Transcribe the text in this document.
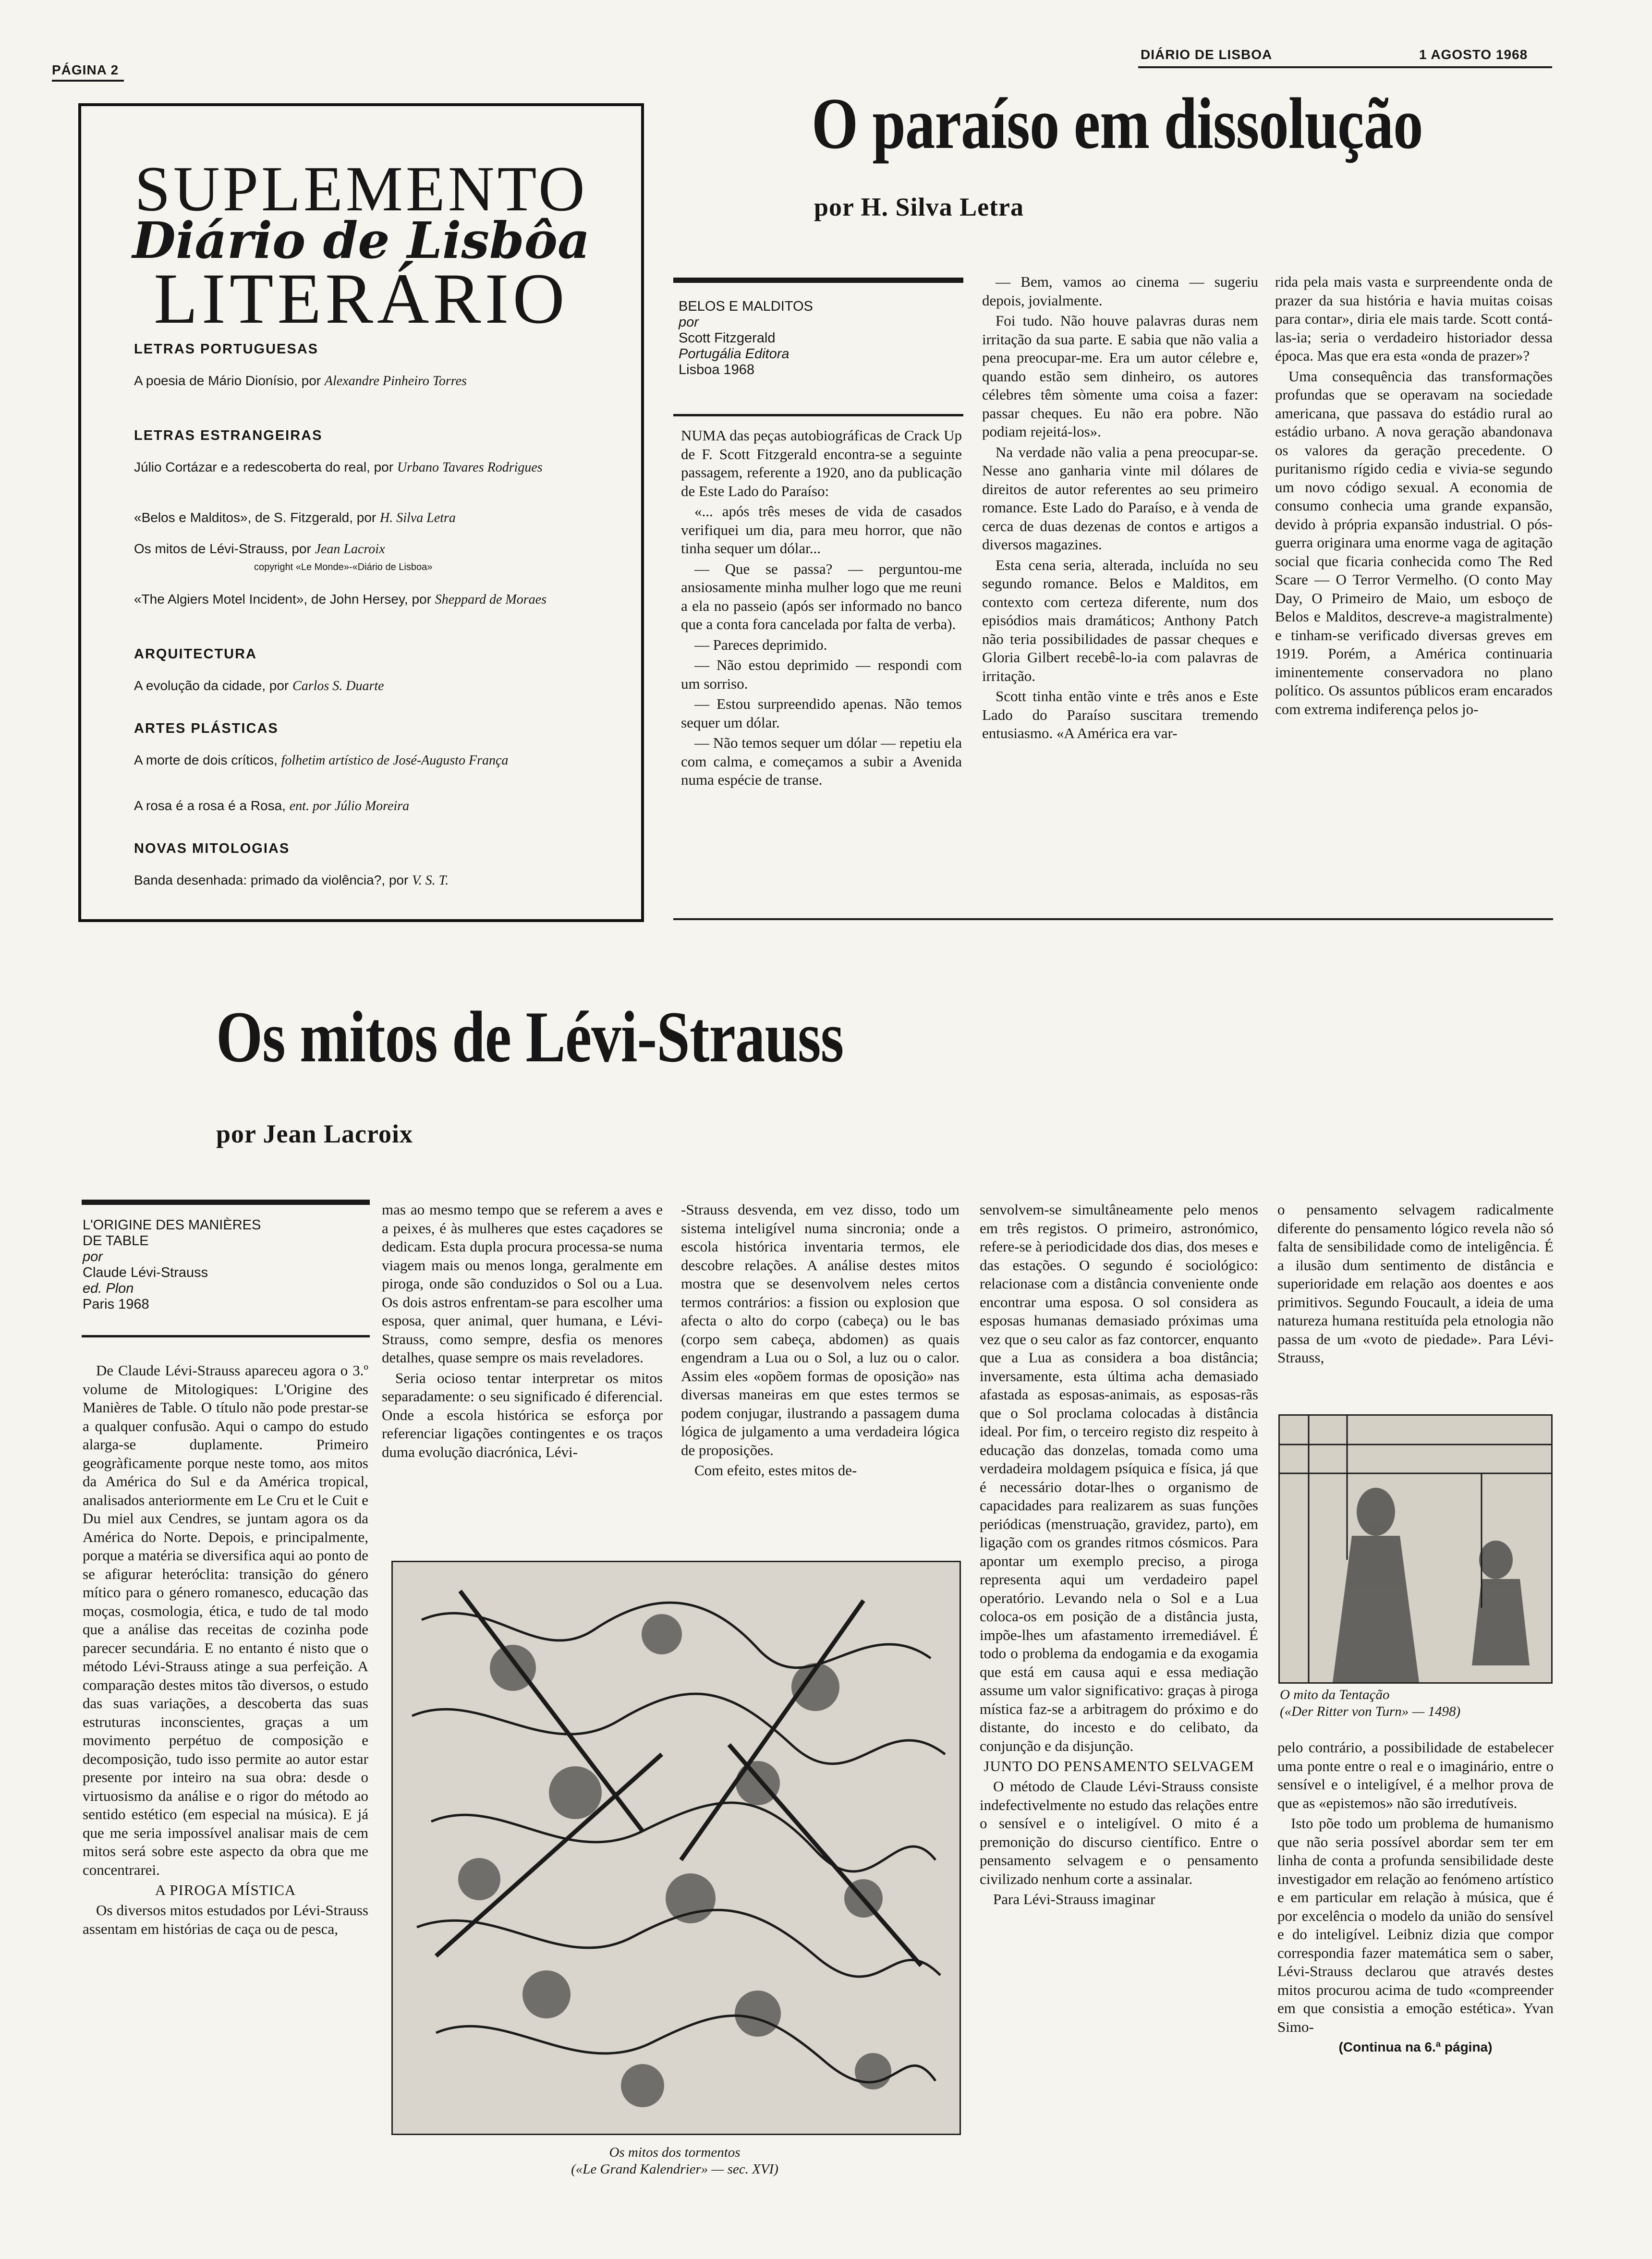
PÁGINA 2
DIÁRIO DE LISBOA	1 AGOSTO 1968
SUPLEMENTO
Diário de Lisbôa
LITERÁRIO
LETRAS PORTUGUESAS
A poesia de Mário Dionísio, por Alexandre Pinheiro Torres
LETRAS ESTRANGEIRAS
Júlio Cortázar e a redescoberta do real, por Urbano Tavares Rodrigues
«Belos e Malditos», de S. Fitzgerald, por H. Silva Letra
Os mitos de Lévi-Strauss, por Jean Lacroix
copyright «Le Monde»-«Diário de Lisboa»
«The Algiers Motel Incident», de John Hersey, por Sheppard de Moraes
ARQUITECTURA
A evolução da cidade, por Carlos S. Duarte
ARTES PLÁSTICAS
A morte de dois críticos, folhetim artístico de José-Augusto França
A rosa é a rosa é a Rosa, ent. por Júlio Moreira
NOVAS MITOLOGIAS
Banda desenhada: primado da violência?, por V. S. T.
O paraíso em dissolução
por H. Silva Letra
BELOS E MALDITOS
por
Scott Fitzgerald
Portugália Editora
Lisboa 1968

NUMA das peças autobiográficas de Crack Up de F. Scott Fitzgerald encontra-se a seguinte passagem, referente a 1920, ano da publicação de Este Lado do Paraíso:

«... após três meses de vida de casados verifiquei um dia, para meu horror, que não tinha sequer um dólar...

— Que se passa? — perguntou-me ansiosamente minha mulher logo que me reuni a ela no passeio (após ser informado no banco que a conta fora cancelada por falta de verba).

— Pareces deprimido.

— Não estou deprimido — respondi com um sorriso.

— Estou surpreendido apenas. Não temos sequer um dólar.

— Não temos sequer um dólar — repetiu ela com calma, e começamos a subir a Avenida numa espécie de transe.

— Bem, vamos ao cinema — sugeriu depois, jovialmente.

Foi tudo. Não houve palavras duras nem irritação da sua parte. E sabia que não valia a pena preocupar-me. Era um autor célebre e, quando estão sem dinheiro, os autores célebres têm sòmente uma coisa a fazer: passar cheques. Eu não era pobre. Não podiam rejeitá-los».

Na verdade não valia a pena preocupar-se. Nesse ano ganharia vinte mil dólares de direitos de autor referentes ao seu primeiro romance. Este Lado do Paraíso, e à venda de cerca de duas dezenas de contos e artigos a diversos magazines.

Esta cena seria, alterada, incluída no seu segundo romance. Belos e Malditos, em contexto com certeza diferente, num dos episódios mais dramáticos; Anthony Patch não teria possibilidades de passar cheques e Gloria Gilbert recebê-lo-ia com palavras de irritação.

Scott tinha então vinte e três anos e Este Lado do Paraíso suscitara tremendo entusiasmo. «A América era var-

rida pela mais vasta e surpreendente onda de prazer da sua história e havia muitas coisas para contar», diria ele mais tarde. Scott contá-las-ia; seria o verdadeiro historiador dessa época. Mas que era esta «onda de prazer»?

Uma consequência das transformações profundas que se operavam na sociedade americana, que passava do estádio rural ao estádio urbano. A nova geração abandonava os valores da geração precedente. O puritanismo rígido cedia e vivia-se segundo um novo código sexual. A economia de consumo conhecia uma grande expansão, devido à própria expansão industrial. O pós-guerra originara uma enorme vaga de agitação social que ficaria conhecida como The Red Scare — O Terror Vermelho. (O conto May Day, O Primeiro de Maio, um esboço de Belos e Malditos, descreve-a magistralmente) e tinham-se verificado diversas greves em 1919. Porém, a América continuaria iminentemente conservadora no plano político. Os assuntos públicos eram encarados com extrema indiferença pelos jo-

Os mitos de Lévi-Strauss
por Jean Lacroix
L'ORIGINE DES MANIÈRES
DE TABLE
por
Claude Lévi-Strauss
ed. Plon
Paris 1968

De Claude Lévi-Strauss apareceu agora o 3.º volume de Mitologiques: L'Origine des Manières de Table. O título não pode prestar-se a qualquer confusão. Aqui o campo do estudo alarga-se duplamente. Primeiro geogràficamente porque neste tomo, aos mitos da América do Sul e da América tropical, analisados anteriormente em Le Cru et le Cuit e Du miel aux Cendres, se juntam agora os da América do Norte. Depois, e principalmente, porque a matéria se diversifica aqui ao ponto de se afigurar heteróclita: transição do género mítico para o género romanesco, educação das moças, cosmologia, ética, e tudo de tal modo que a análise das receitas de cozinha pode parecer secundária. E no entanto é nisto que o método Lévi-Strauss atinge a sua perfeição. A comparação destes mitos tão diversos, o estudo das suas variações, a descoberta das suas estruturas inconscientes, graças a um movimento perpétuo de composição e decomposição, tudo isso permite ao autor estar presente por inteiro na sua obra: desde o virtuosismo da análise e o rigor do método ao sentido estético (em especial na música). E já que me seria impossível analisar mais de cem mitos será sobre este aspecto da obra que me concentrarei.

A PIROGA MÍSTICA

Os diversos mitos estudados por Lévi-Strauss assentam em histórias de caça ou de pesca,

mas ao mesmo tempo que se referem a aves e a peixes, é às mulheres que estes caçadores se dedicam. Esta dupla procura processa-se numa viagem mais ou menos longa, geralmente em piroga, onde são conduzidos o Sol ou a Lua. Os dois astros enfrentam-se para escolher uma esposa, quer animal, quer humana, e Lévi-Strauss, como sempre, desfia os menores detalhes, quase sempre os mais reveladores.

Seria ocioso tentar interpretar os mitos separadamente: o seu significado é diferencial. Onde a escola histórica se esforça por referenciar ligações contingentes e os traços duma evolução diacrónica, Lévi-

-Strauss desvenda, em vez disso, todo um sistema inteligível numa sincronia; onde a escola histórica inventaria termos, ele descobre relações. A análise destes mitos mostra que se desenvolvem neles certos termos contrários: a fission ou explosion que afecta o alto do corpo (cabeça) ou le bas (corpo sem cabeça, abdomen) as quais engendram a Lua ou o Sol, a luz ou o calor. Assim eles «opõem formas de oposição» nas diversas maneiras em que estes termos se podem conjugar, ilustrando a passagem duma lógica de julgamento a uma verdadeira lógica de proposições.

Com efeito, estes mitos de-

Os mitos dos tormentos
(«Le Grand Kalendrier» — sec. XVI)

senvolvem-se simultâneamente pelo menos em três registos. O primeiro, astronómico, refere-se à periodicidade dos dias, dos meses e das estações. O segundo é sociológico: relacionase com a distância conveniente onde encontrar uma esposa. O sol considera as esposas humanas demasiado próximas uma vez que o seu calor as faz contorcer, enquanto que a Lua as considera a boa distância; inversamente, esta última acha demasiado afastada as esposas-animais, as esposas-rãs que o Sol proclama colocadas à distância ideal. Por fim, o terceiro registo diz respeito à educação das donzelas, tomada como uma verdadeira moldagem psíquica e física, já que é necessário dotar-lhes o organismo de capacidades para realizarem as suas funções periódicas (menstruação, gravidez, parto), em ligação com os grandes ritmos cósmicos. Para apontar um exemplo preciso, a piroga representa aqui um verdadeiro papel operatório. Levando nela o Sol e a Lua coloca-os em posição de a distância justa, impõe-lhes um afastamento irremediável. É todo o problema da endogamia e da exogamia que está em causa aqui e essa mediação assume um valor significativo: graças à piroga mística faz-se a arbitragem do próximo e do distante, do incesto e do celibato, da conjunção e da disjunção.

JUNTO DO PENSAMENTO SELVAGEM

O método de Claude Lévi-Strauss consiste indefectivelmente no estudo das relações entre o sensível e o inteligível. O mito é a premonição do discurso científico. Entre o pensamento selvagem e o pensamento civilizado nenhum corte a assinalar.

Para Lévi-Strauss imaginar

o pensamento selvagem radicalmente diferente do pensamento lógico revela não só falta de sensibilidade como de inteligência. É a ilusão dum sentimento de distância e superioridade em relação aos doentes e aos primitivos. Segundo Foucault, a ideia de uma natureza humana restituída pela etnologia não passa de um «voto de piedade». Para Lévi-Strauss,

O mito da Tentação
(«Der Ritter von Turn» — 1498)

pelo contrário, a possibilidade de estabelecer uma ponte entre o real e o imaginário, entre o sensível e o inteligível, é a melhor prova de que as «epistemos» não são irredutíveis.

Isto põe todo um problema de humanismo que não seria possível abordar sem ter em linha de conta a profunda sensibilidade deste investigador em relação ao fenómeno artístico e em particular em relação à música, que é por excelência o modelo da união do sensível e do inteligível. Leibniz dizia que compor correspondia fazer matemática sem o saber, Lévi-Strauss declarou que através destes mitos procurou acima de tudo «compreender em que consistia a emoção estética». Yvan Simo-

(Continua na 6.ª página)
